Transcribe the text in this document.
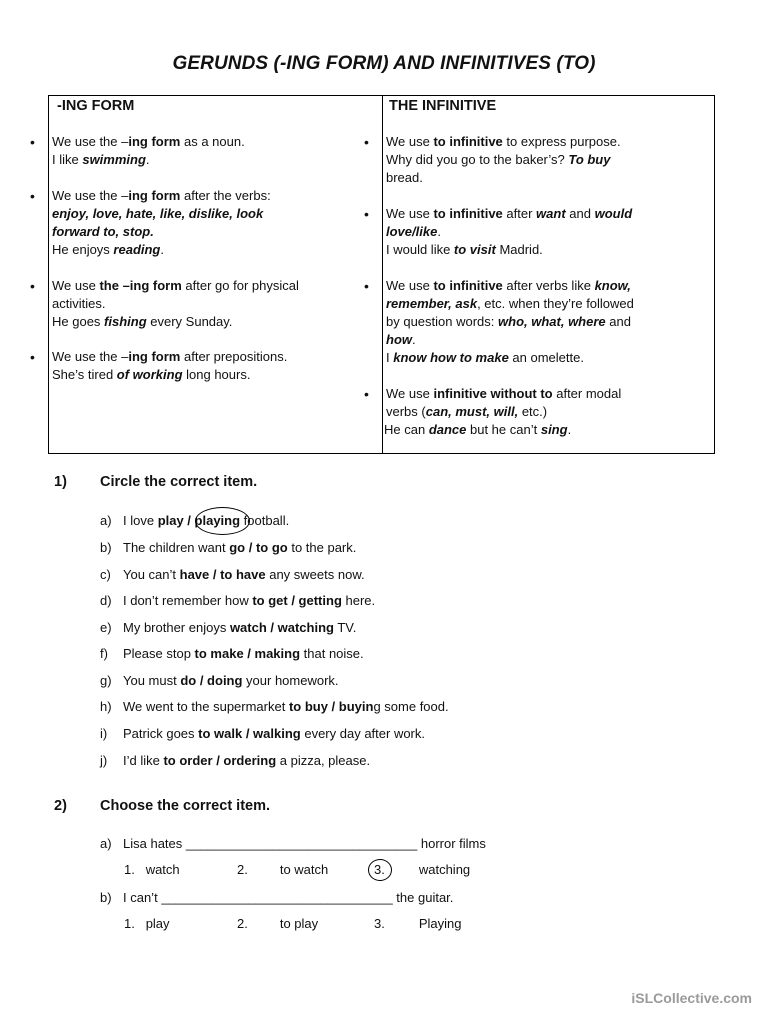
GERUNDS (-ING FORM) AND INFINITIVES (TO)
-ING FORM	THE INFINITIVE
• We use the –ing form as a noun.
I like swimming.
• We use the –ing form after the verbs:
enjoy, love, hate, like, dislike, look
forward to, stop.
He enjoys reading.
• We use the –ing form after go for physical
activities.
He goes fishing every Sunday.
• We use the –ing form after prepositions.
She’s tired of working long hours.
• We use to infinitive to express purpose.
Why did you go to the baker’s? To buy
bread.
• We use to infinitive after want and would
love/like.
I would like to visit Madrid.
• We use to infinitive after verbs like know,
remember, ask, etc. when they’re followed
by question words: who, what, where and
how.
I know how to make an omelette.
• We use infinitive without to after modal
verbs (can, must, will, etc.)
He can dance but he can’t sing.
1) Circle the correct item.
a) I love play / playing football.
b) The children want go / to go to the park.
c) You can’t have / to have any sweets now.
d) I don’t remember how to get / getting here.
e) My brother enjoys watch / watching TV.
f) Please stop to make / making that noise.
g) You must do / doing your homework.
h) We went to the supermarket to buy / buying some food.
i) Patrick goes to walk / walking every day after work.
j) I’d like to order / ordering a pizza, please.
2) Choose the correct item.
a) Lisa hates ________________________________ horror films
1. watch	2. to watch	3.	watching
b) I can’t ________________________________ the guitar.
1. play	2. to play	3.	Playing
iSLCollective.com
